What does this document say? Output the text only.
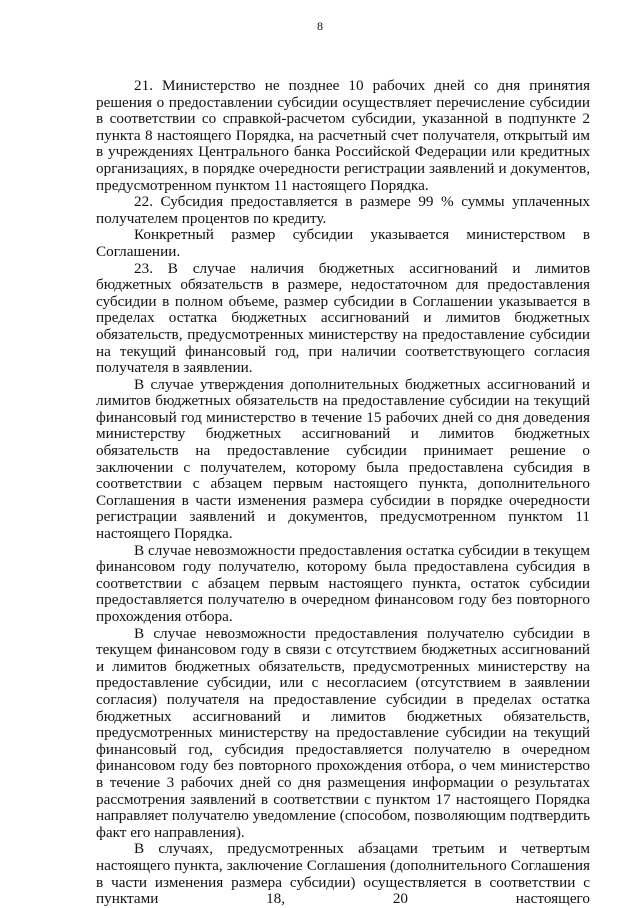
8

21. Министерство не позднее 10 рабочих дней со дня принятия решения о предоставлении субсидии осуществляет перечисление субсидии в соответствии со справкой-расчетом субсидии, указанной в подпункте 2 пункта 8 настоящего Порядка, на расчетный счет получателя, открытый им в учреждениях Центрального банка Российской Федерации или кредитных организациях, в порядке очередности регистрации заявлений и документов, предусмотренном пунктом 11 настоящего Порядка.

22. Субсидия предоставляется в размере 99 % суммы уплаченных получателем процентов по кредиту.

Конкретный размер субсидии указывается министерством в Соглашении.

23. В случае наличия бюджетных ассигнований и лимитов бюджетных обязательств в размере, недостаточном для предоставления субсидии в полном объеме, размер субсидии в Соглашении указывается в пределах остатка бюджетных ассигнований и лимитов бюджетных обязательств, предусмотренных министерству на предоставление субсидии на текущий финансовый год, при наличии соответствующего согласия получателя в заявлении.

В случае утверждения дополнительных бюджетных ассигнований и лимитов бюджетных обязательств на предоставление субсидии на текущий финансовый год министерство в течение 15 рабочих дней со дня доведения министерству бюджетных ассигнований и лимитов бюджетных обязательств на предоставление субсидии принимает решение о заключении с получателем, которому была предоставлена субсидия в соответствии с абзацем первым настоящего пункта, дополнительного Соглашения в части изменения размера субсидии в порядке очередности регистрации заявлений и документов, предусмотренном пунктом 11 настоящего Порядка.

В случае невозможности предоставления остатка субсидии в текущем финансовом году получателю, которому была предоставлена субсидия в соответствии с абзацем первым настоящего пункта, остаток субсидии предоставляется получателю в очередном финансовом году без повторного прохождения отбора.

В случае невозможности предоставления получателю субсидии в текущем финансовом году в связи с отсутствием бюджетных ассигнований и лимитов бюджетных обязательств, предусмотренных министерству на предоставление субсидии, или с несогласием (отсутствием в заявлении согласия) получателя на предоставление субсидии в пределах остатка бюджетных ассигнований и лимитов бюджетных обязательств, предусмотренных министерству на предоставление субсидии на текущий финансовый год, субсидия предоставляется получателю в очередном финансовом году без повторного прохождения отбора, о чем министерство в течение 3 рабочих дней со дня размещения информации о результатах рассмотрения заявлений в соответствии с пунктом 17 настоящего Порядка направляет получателю уведомление (способом, позволяющим подтвердить факт его направления).

В случаях, предусмотренных абзацами третьим и четвертым настоящего пункта, заключение Соглашения (дополнительного Соглашения в части изменения размера субсидии) осуществляется в соответствии с пунктами 18, 20 настоящего
